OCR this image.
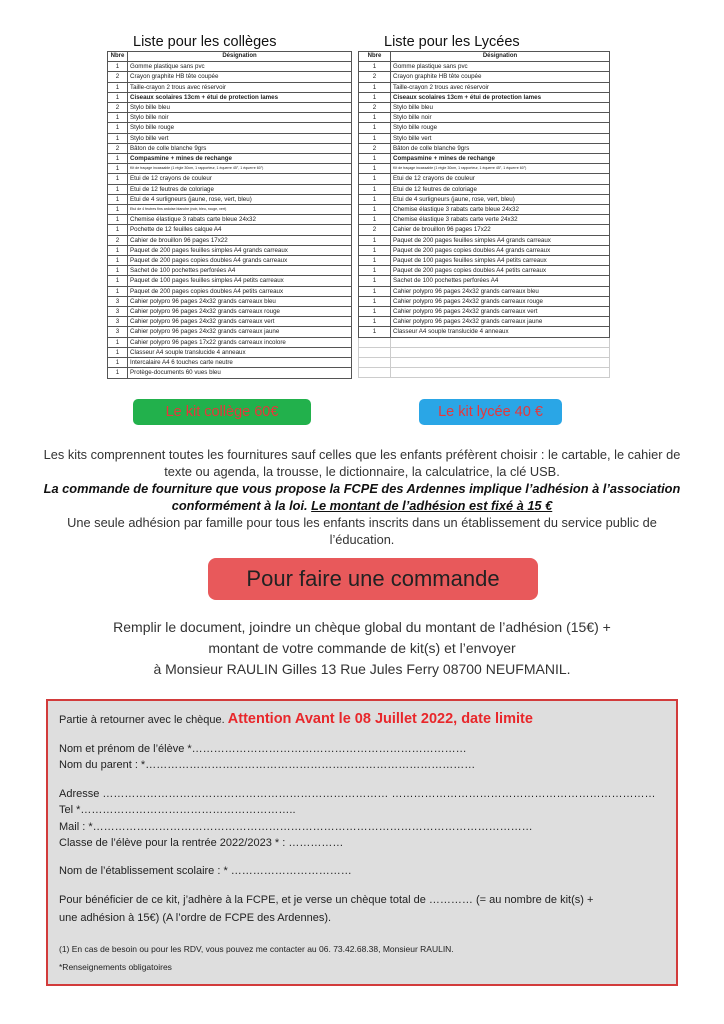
Liste pour les collèges
Nbre	Désignation
1	Gomme plastique sans pvc
2	Crayon graphite HB tête coupée
1	Taille-crayon 2 trous avec réservoir
1	Ciseaux scolaires 13cm + étui de protection lames
2	Stylo bille bleu
1	Stylo bille noir
1	Stylo bille rouge
1	Stylo bille vert
2	Bâton de colle blanche 9grs
1	Compasmine + mines de rechange
1	Kit de traçage incassable (1 règle 30cm, 1 rapporteur, 1 équerre 45°, 1 équerre 60°)
1	Etui de 12 crayons de couleur
1	Etui de 12 feutres de coloriage
1	Etui de 4 surligneurs (jaune, rose, vert, bleu)
1	Etui de 4 feutres fins ardoise blanche (noir, bleu, rouge, vert)
1	Chemise élastique 3 rabats carte bleue 24x32
1	Pochette de 12 feuilles calque A4
2	Cahier de brouillon 96 pages 17x22
1	Paquet de 200 pages feuilles simples A4 grands carreaux
1	Paquet de 200 pages copies doubles A4 grands carreaux
1	Sachet de 100 pochettes perforées A4
1	Paquet de 100 pages feuilles simples A4 petits carreaux
1	Paquet de 200 pages copies doubles A4 petits carreaux
3	Cahier polypro 96 pages 24x32 grands carreaux bleu
3	Cahier polypro 96 pages 24x32 grands carreaux rouge
3	Cahier polypro 96 pages 24x32 grands carreaux vert
3	Cahier polypro 96 pages 24x32 grands carreaux jaune
1	Cahier polypro 96 pages 17x22 grands carreaux incolore
1	Classeur A4 souple translucide 4 anneaux
1	Intercalaire A4 6 touches carte neutre
1	Protège-documents 60 vues bleu
Liste pour les Lycées
Nbre	Désignation
1	Gomme plastique sans pvc
2	Crayon graphite HB tête coupée
1	Taille-crayon 2 trous avec réservoir
1	Ciseaux scolaires 13cm + étui de protection lames
2	Stylo bille bleu
1	Stylo bille noir
1	Stylo bille rouge
1	Stylo bille vert
2	Bâton de colle blanche 9grs
1	Compasmine + mines de rechange
1	Kit de traçage incassable (1 règle 30cm, 1 rapporteur, 1 équerre 45°, 1 équerre 60°)
1	Etui de 12 crayons de couleur
1	Etui de 12 feutres de coloriage
1	Etui de 4 surligneurs (jaune, rose, vert, bleu)
1	Chemise élastique 3 rabats carte bleue 24x32
1	Chemise élastique 3 rabats carte verte 24x32
2	Cahier de brouillon 96 pages 17x22
1	Paquet de 200 pages feuilles simples A4 grands carreaux
1	Paquet de 200 pages copies doubles A4 grands carreaux
1	Paquet de 100 pages feuilles simples A4 petits carreaux
1	Paquet de 200 pages copies doubles A4 petits carreaux
1	Sachet de 100 pochettes perforées A4
1	Cahier polypro 96 pages 24x32 grands carreaux bleu
1	Cahier polypro 96 pages 24x32 grands carreaux rouge
1	Cahier polypro 96 pages 24x32 grands carreaux vert
1	Cahier polypro 96 pages 24x32 grands carreaux jaune
1	Classeur A4 souple translucide 4 anneaux

Le kit collège 60€	Le kit lycée 40 €
Les kits comprennent toutes les fournitures sauf celles que les enfants préfèrent choisir : le cartable, le cahier de texte ou agenda, la trousse, le dictionnaire, la calculatrice, la clé USB.
La commande de fourniture que vous propose la FCPE des Ardennes implique l’adhésion à l’association conformément à la loi. Le montant de l’adhésion est fixé à 15 €
Une seule adhésion par famille pour tous les enfants inscrits dans un établissement du service public de l’éducation.
Pour faire une commande
Remplir le document, joindre un chèque global du montant de l’adhésion (15€) +
montant de votre commande de kit(s) et l’envoyer
à Monsieur RAULIN Gilles 13 Rue Jules Ferry 08700 NEUFMANIL.
Partie à retourner avec le chèque. Attention Avant le 08 Juillet 2022, date limite
Nom et prénom de l’élève *…………………………………………………………………
Nom du parent : *………………………………………………………………………………
Adresse …………………………………………………………………… ………………………………………………………………
Tel *…………………………………………………..
Mail : *…………………………………………………………………………………………………………
Classe de l’élève pour la rentrée 2022/2023 * : ……………
Nom de l’établissement scolaire : * ……………………………
Pour bénéficier de ce kit, j’adhère à la FCPE, et je verse un chèque total de ………… (= au nombre de kit(s) +
une adhésion à 15€) (A l’ordre de FCPE des Ardennes).
(1) En cas de besoin ou pour les RDV, vous pouvez me contacter au 06. 73.42.68.38, Monsieur RAULIN.
*Renseignements obligatoires
